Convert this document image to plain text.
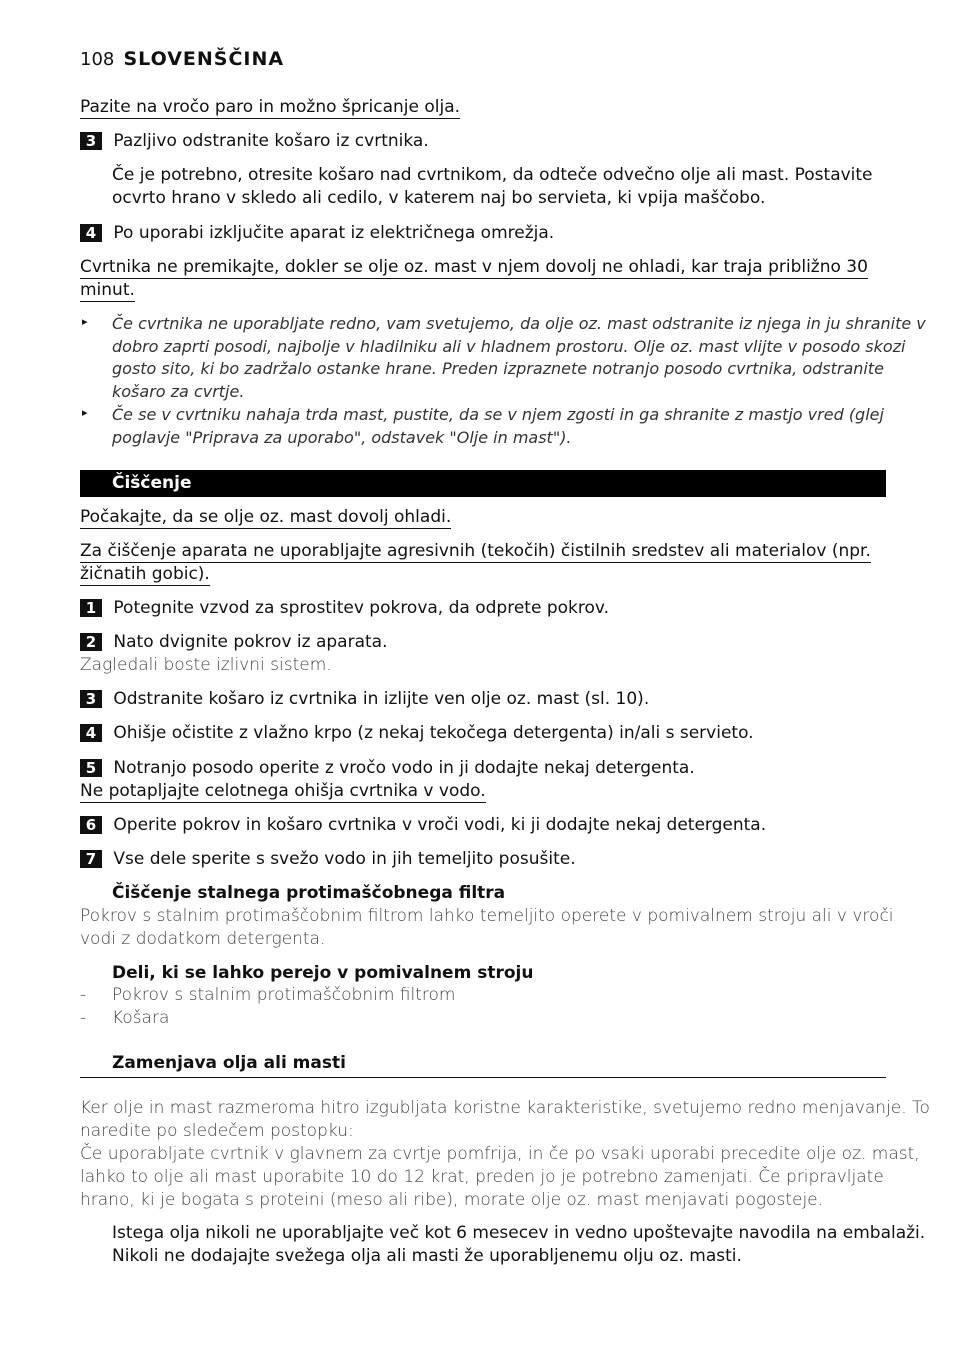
108 SLOVENŠČINA
Pazite na vročo paro in možno špricanje olja.
3 Pazljivo odstranite košaro iz cvrtnika.
Če je potrebno, otresite košaro nad cvrtnikom, da odteče odvečno olje ali mast. Postavite
ocvrto hrano v skledo ali cedilo, v katerem naj bo servieta, ki vpija maščobo.
4 Po uporabi izključite aparat iz električnega omrežja.
Cvrtnika ne premikajte, dokler se olje oz. mast v njem dovolj ne ohladi, kar traja približno 30
minut.
▸ Če cvrtnika ne uporabljate redno, vam svetujemo, da olje oz. mast odstranite iz njega in ju shranite v
dobro zaprti posodi, najbolje v hladilniku ali v hladnem prostoru. Olje oz. mast vlijte v posodo skozi
gosto sito, ki bo zadržalo ostanke hrane. Preden izpraznete notranjo posodo cvrtnika, odstranite
košaro za cvrtje.
▸ Če se v cvrtniku nahaja trda mast, pustite, da se v njem zgosti in ga shranite z mastjo vred (glej
poglavje "Priprava za uporabo", odstavek "Olje in mast").
Čiščenje
Počakajte, da se olje oz. mast dovolj ohladi.
Za čiščenje aparata ne uporabljajte agresivnih (tekočih) čistilnih sredstev ali materialov (npr.
žičnatih gobic).
1 Potegnite vzvod za sprostitev pokrova, da odprete pokrov.
2 Nato dvignite pokrov iz aparata.
Zagledali boste izlivni sistem.
3 Odstranite košaro iz cvrtnika in izlijte ven olje oz. mast (sl. 10).
4 Ohišje očistite z vlažno krpo (z nekaj tekočega detergenta) in/ali s servieto.
5 Notranjo posodo operite z vročo vodo in ji dodajte nekaj detergenta.
Ne potapljajte celotnega ohišja cvrtnika v vodo.
6 Operite pokrov in košaro cvrtnika v vroči vodi, ki ji dodajte nekaj detergenta.
7 Vse dele sperite s svežo vodo in jih temeljito posušite.
Čiščenje stalnega protimaščobnega filtra
Pokrov s stalnim protimaščobnim filtrom lahko temeljito operete v pomivalnem stroju ali v vroči
vodi z dodatkom detergenta.
Deli, ki se lahko perejo v pomivalnem stroju
- Pokrov s stalnim protimaščobnim filtrom
- Košara
Zamenjava olja ali masti
Ker olje in mast razmeroma hitro izgubljata koristne karakteristike, svetujemo redno menjavanje. To
naredite po sledečem postopku:
Če uporabljate cvrtnik v glavnem za cvrtje pomfrija, in če po vsaki uporabi precedite olje oz. mast,
lahko to olje ali mast uporabite 10 do 12 krat, preden jo je potrebno zamenjati. Če pripravljate
hrano, ki je bogata s proteini (meso ali ribe), morate olje oz. mast menjavati pogosteje.
Istega olja nikoli ne uporabljajte več kot 6 mesecev in vedno upoštevajte navodila na embalaži.
Nikoli ne dodajajte svežega olja ali masti že uporabljenemu olju oz. masti.
